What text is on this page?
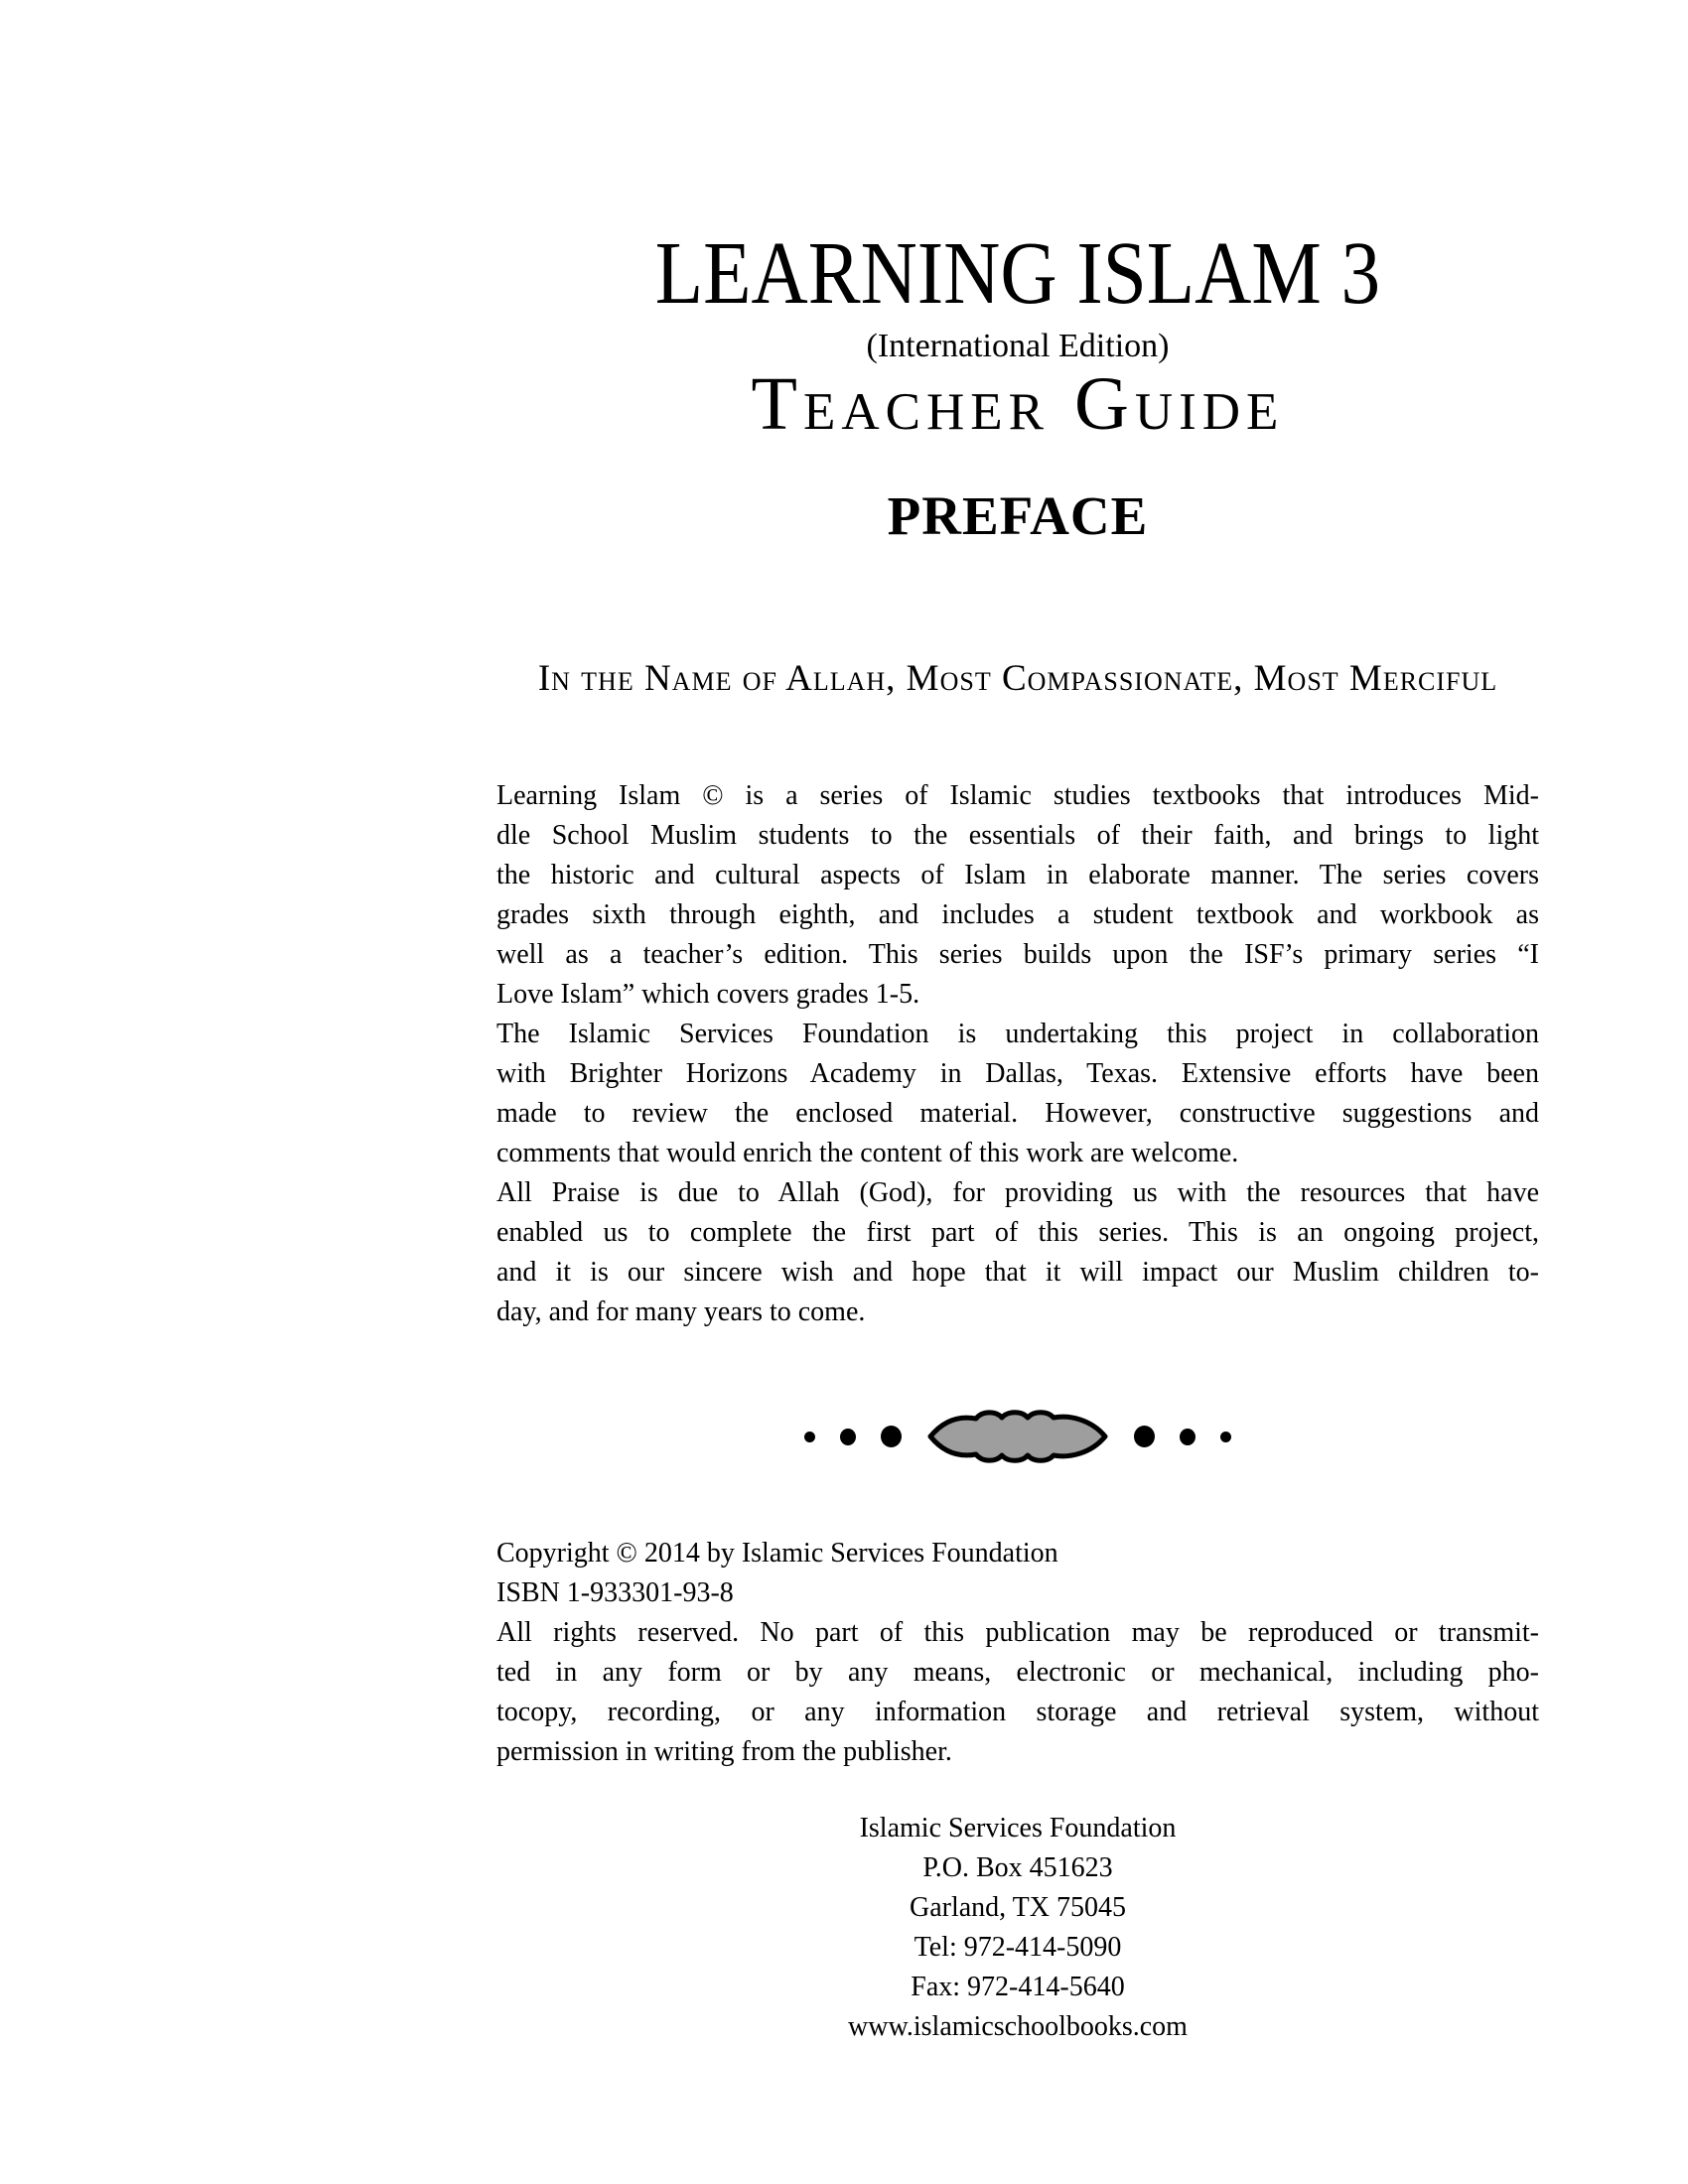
LEARNING ISLAM 3
(International Edition)
Teacher Guide
PREFACE
In the Name of Allah, Most Compassionate, Most Merciful
Learning Islam © is a series of Islamic studies textbooks that introduces Mid-
dle School Muslim students to the essentials of their faith, and brings to light
the historic and cultural aspects of Islam in elaborate manner. The series covers
grades sixth through eighth, and includes a student textbook and workbook as
well as a teacher’s edition. This series builds upon the ISF’s primary series “I
Love Islam” which covers grades 1-5.
The Islamic Services Foundation is undertaking this project in collaboration
with Brighter Horizons Academy in Dallas, Texas. Extensive efforts have been
made to review the enclosed material. However, constructive suggestions and
comments that would enrich the content of this work are welcome.
All Praise is due to Allah (God), for providing us with the resources that have
enabled us to complete the first part of this series. This is an ongoing project,
and it is our sincere wish and hope that it will impact our Muslim children to-
day, and for many years to come.
Copyright © 2014 by Islamic Services Foundation
ISBN 1-933301-93-8
All rights reserved. No part of this publication may be reproduced or transmit-
ted in any form or by any means, electronic or mechanical, including pho-
tocopy, recording, or any information storage and retrieval system, without
permission in writing from the publisher.
Islamic Services Foundation
P.O. Box 451623
Garland, TX 75045
Tel: 972-414-5090
Fax: 972-414-5640
www.islamicschoolbooks.com
